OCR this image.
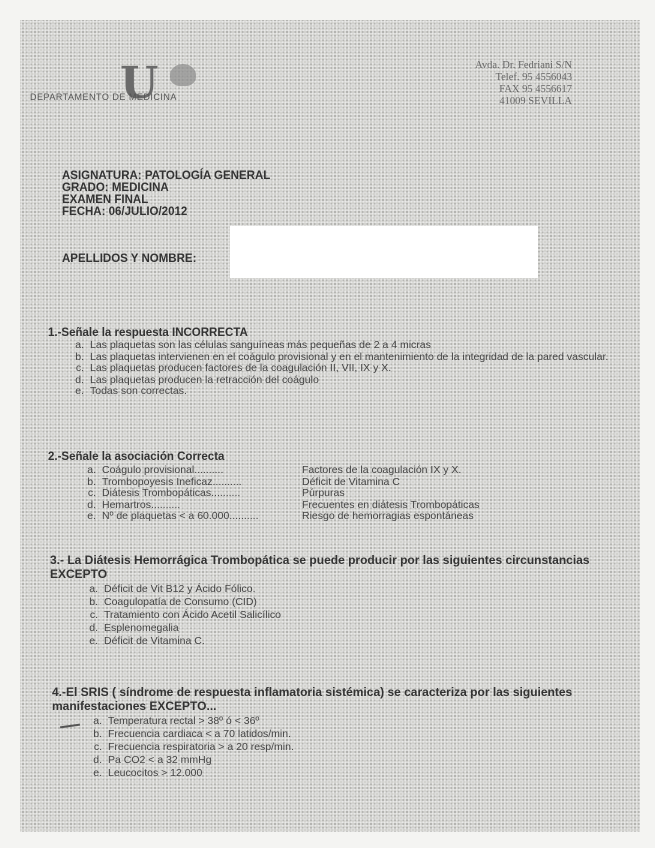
U
DEPARTAMENTO DE MEDICINA
Avda. Dr. Fedriani S/N
Telef. 95 4556043
FAX 95 4556617
41009 SEVILLA
ASIGNATURA: PATOLOGÍA GENERAL
GRADO: MEDICINA
EXAMEN FINAL
FECHA: 06/JULIO/2012
APELLIDOS Y NOMBRE:
1.-Señale la respuesta INCORRECTA
a. Las plaquetas son las células sanguíneas más pequeñas de 2 a 4 micras
b. Las plaquetas intervienen en el coágulo provisional y en el mantenimiento de la integridad de la pared vascular.
c. Las plaquetas producen factores de la coagulación II, VII, IX y X.
d. Las plaquetas producen la retracción del coágulo
e. Todas son correctas.
2.-Señale la asociación Correcta
a. Coágulo provisional..........	Factores de la coagulación IX y X.
b. Trombopoyesis Ineficaz..........	Déficit de Vitamina C
c. Diátesis Trombopáticas..........	Púrpuras
d. Hemartros..........	Frecuentes en diátesis Trombopáticas
e. Nº de plaquetas < a 60.000..........	Riesgo de hemorragias espontáneas
3.- La Diátesis Hemorrágica Trombopática se puede producir por las siguientes circunstancias EXCEPTO
a. Déficit de Vit B12 y Ácido Fólico.
b. Coagulopatía de Consumo (CID)
c. Tratamiento con Ácido Acetil Salicílico
d. Esplenomegalia
e. Déficit de Vitamina C.
4.-El SRIS ( síndrome de respuesta inflamatoria sistémica) se caracteriza por las siguientes manifestaciones EXCEPTO...
a. Temperatura rectal > 38º ó < 36º
b. Frecuencia cardiaca < a 70 latidos/min.
c. Frecuencia respiratoria > a 20 resp/min.
d. Pa CO2 < a 32 mmHg
e. Leucocitos > 12.000
